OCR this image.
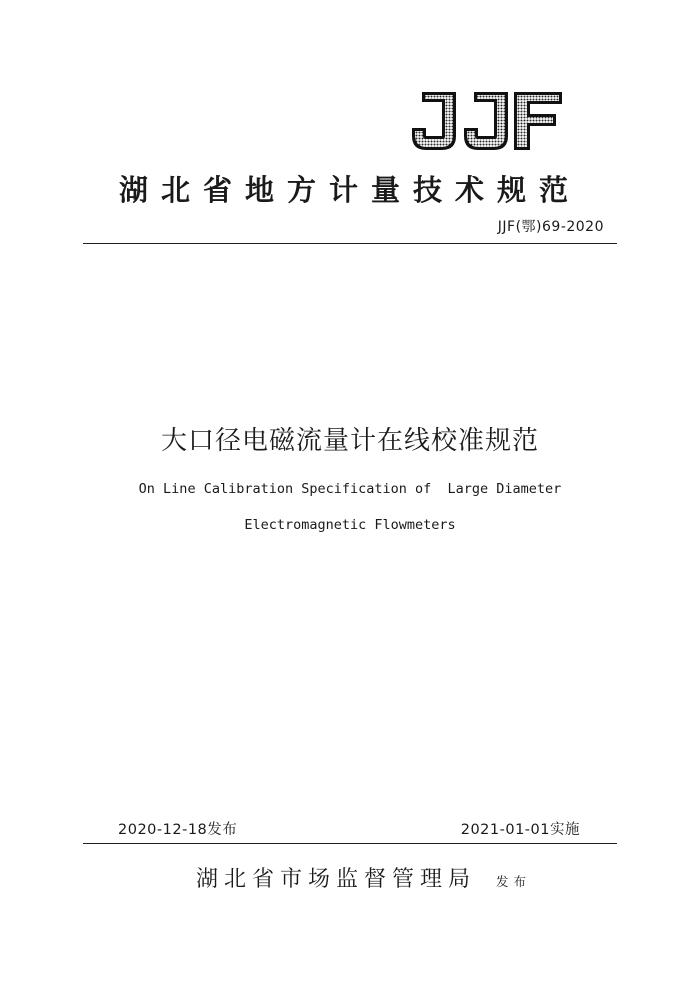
湖北省地方计量技术规范
JJF(鄂)69-2020
大口径电磁流量计在线校准规范
On Line Calibration Specification of  Large Diameter
Electromagnetic Flowmeters
2020-12-18发布	2021-01-01实施
湖北省市场监督管理局 发布
